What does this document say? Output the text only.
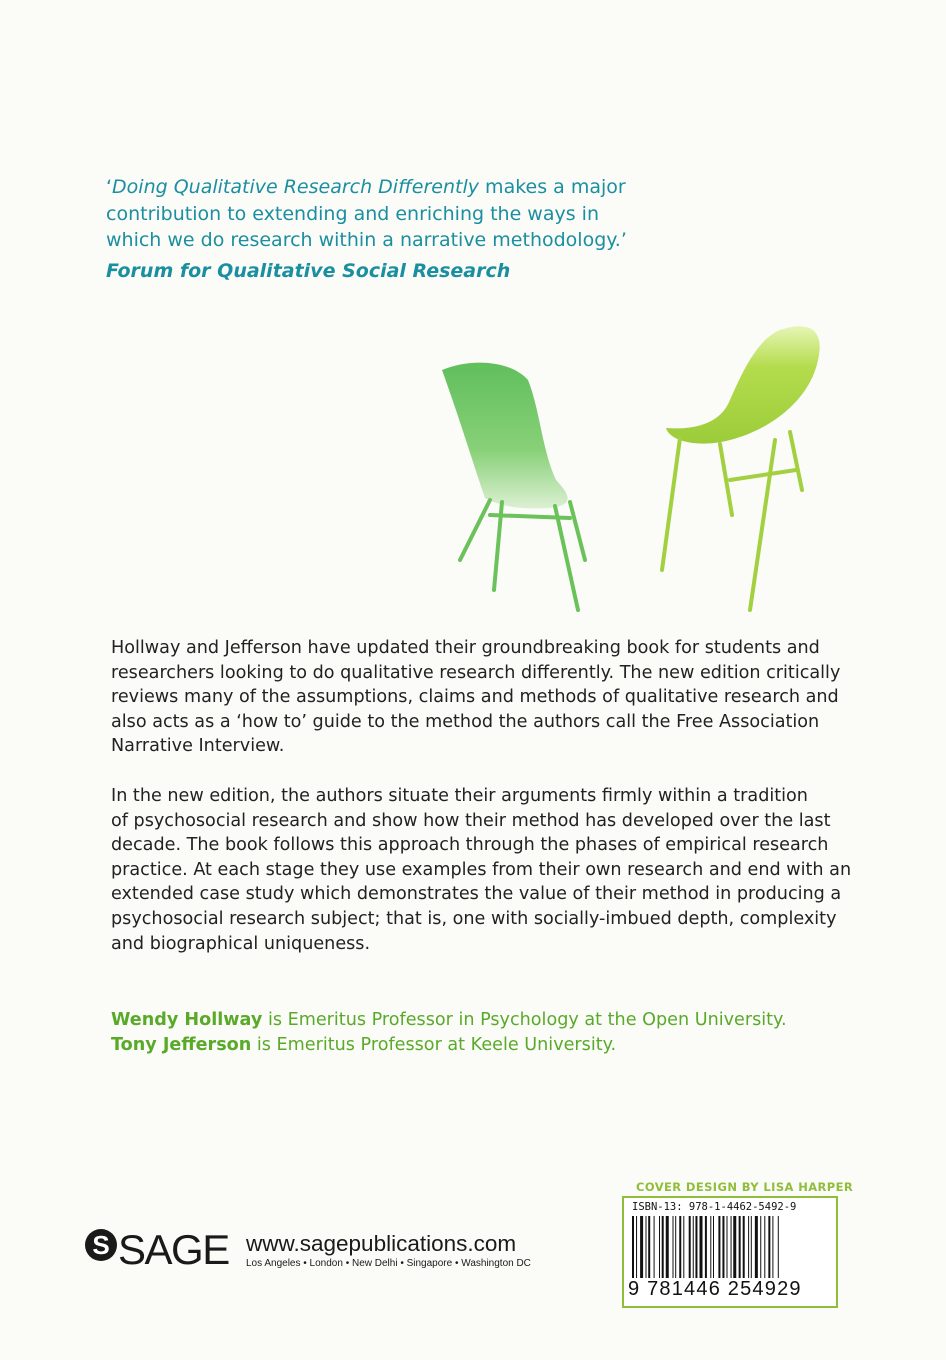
‘Doing Qualitative Research Differently makes a major
contribution to extending and enriching the ways in
which we do research within a narrative methodology.’
Forum for Qualitative Social Research

Hollway and Jefferson have updated their groundbreaking book for students and
researchers looking to do qualitative research differently. The new edition critically
reviews many of the assumptions, claims and methods of qualitative research and
also acts as a ‘how to’ guide to the method the authors call the Free Association
Narrative Interview.

In the new edition, the authors situate their arguments firmly within a tradition
of psychosocial research and show how their method has developed over the last
decade. The book follows this approach through the phases of empirical research
practice. At each stage they use examples from their own research and end with an
extended case study which demonstrates the value of their method in producing a
psychosocial research subject; that is, one with socially-imbued depth, complexity
and biographical uniqueness.

Wendy Hollway is Emeritus Professor in Psychology at the Open University.
Tony Jefferson is Emeritus Professor at Keele University.
COVER DESIGN BY LISA HARPER
ISBN-13: 978-1-4462-5492-9
9 781446 254929
S SAGE www.sagepublications.com
Los Angeles • London • New Delhi • Singapore • Washington DC
